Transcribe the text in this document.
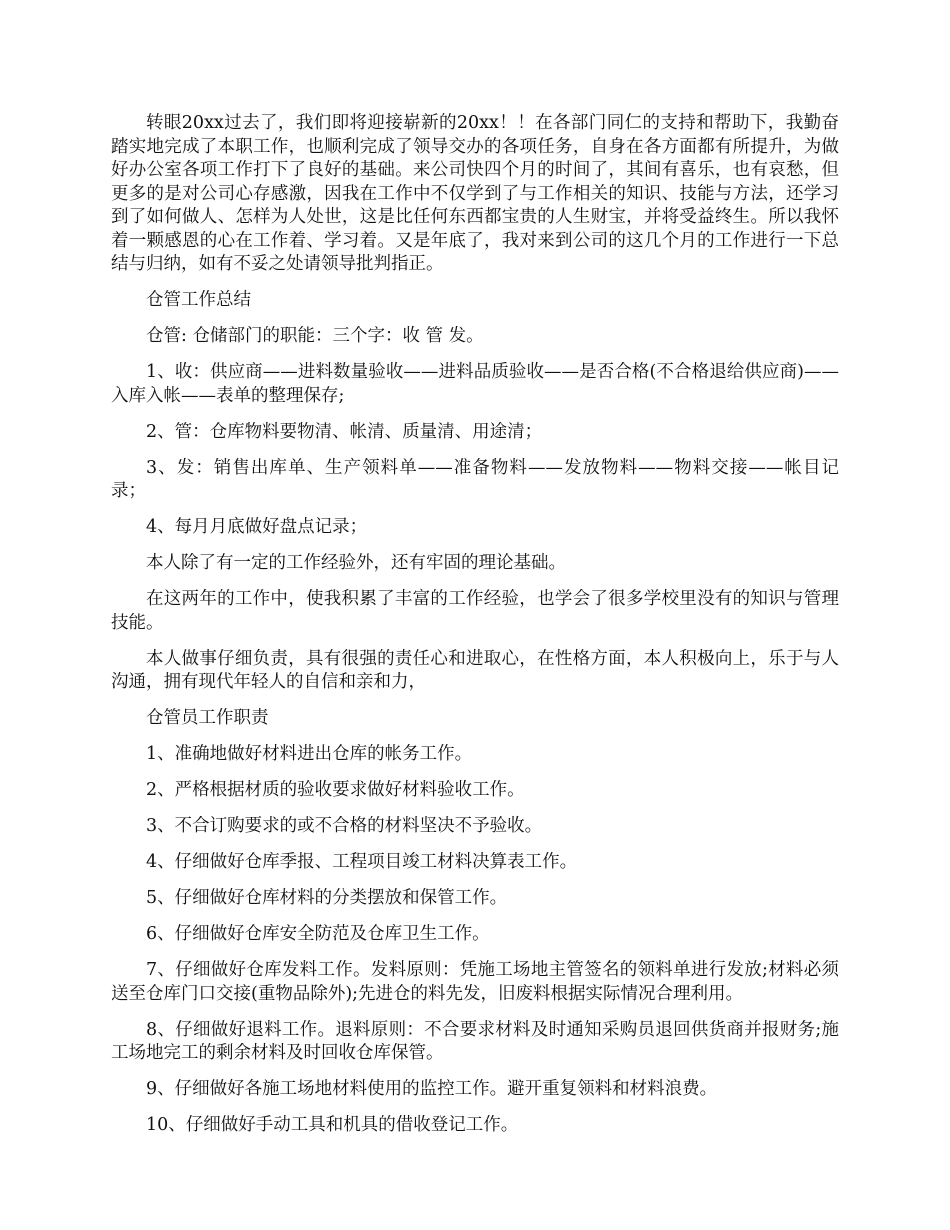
转眼20xx过去了，我们即将迎接崭新的20xx！！在各部门同仁的支持和帮助下，我勤奋踏实地完成了本职工作，也顺利完成了领导交办的各项任务，自身在各方面都有所提升，为做好办公室各项工作打下了良好的基础。来公司快四个月的时间了，其间有喜乐，也有哀愁，但更多的是对公司心存感激，因我在工作中不仅学到了与工作相关的知识、技能与方法，还学习到了如何做人、怎样为人处世，这是比任何东西都宝贵的人生财宝，并将受益终生。所以我怀着一颗感恩的心在工作着、学习着。又是年底了，我对来到公司的这几个月的工作进行一下总结与归纳，如有不妥之处请领导批判指正。

仓管工作总结

仓管: 仓储部门的职能：三个字：收 管 发。

1、收：供应商——进料数量验收——进料品质验收——是否合格(不合格退给供应商)——入库入帐——表单的整理保存;

2、管：仓库物料要物清、帐清、质量清、用途清；

3、发：销售出库单、生产领料单——准备物料——发放物料——物料交接——帐目记录；

4、每月月底做好盘点记录；

本人除了有一定的工作经验外，还有牢固的理论基础。

在这两年的工作中，使我积累了丰富的工作经验，也学会了很多学校里没有的知识与管理技能。

本人做事仔细负责，具有很强的责任心和进取心，在性格方面，本人积极向上，乐于与人沟通，拥有现代年轻人的自信和亲和力，

仓管员工作职责

1、准确地做好材料进出仓库的帐务工作。

2、严格根据材质的验收要求做好材料验收工作。

3、不合订购要求的或不合格的材料坚决不予验收。

4、仔细做好仓库季报、工程项目竣工材料决算表工作。

5、仔细做好仓库材料的分类摆放和保管工作。

6、仔细做好仓库安全防范及仓库卫生工作。

7、仔细做好仓库发料工作。发料原则：凭施工场地主管签名的领料单进行发放;材料必须送至仓库门口交接(重物品除外);先进仓的料先发，旧废料根据实际情况合理利用。

8、仔细做好退料工作。退料原则：不合要求材料及时通知采购员退回供货商并报财务;施工场地完工的剩余材料及时回收仓库保管。

9、仔细做好各施工场地材料使用的监控工作。避开重复领料和材料浪费。

10、仔细做好手动工具和机具的借收登记工作。
